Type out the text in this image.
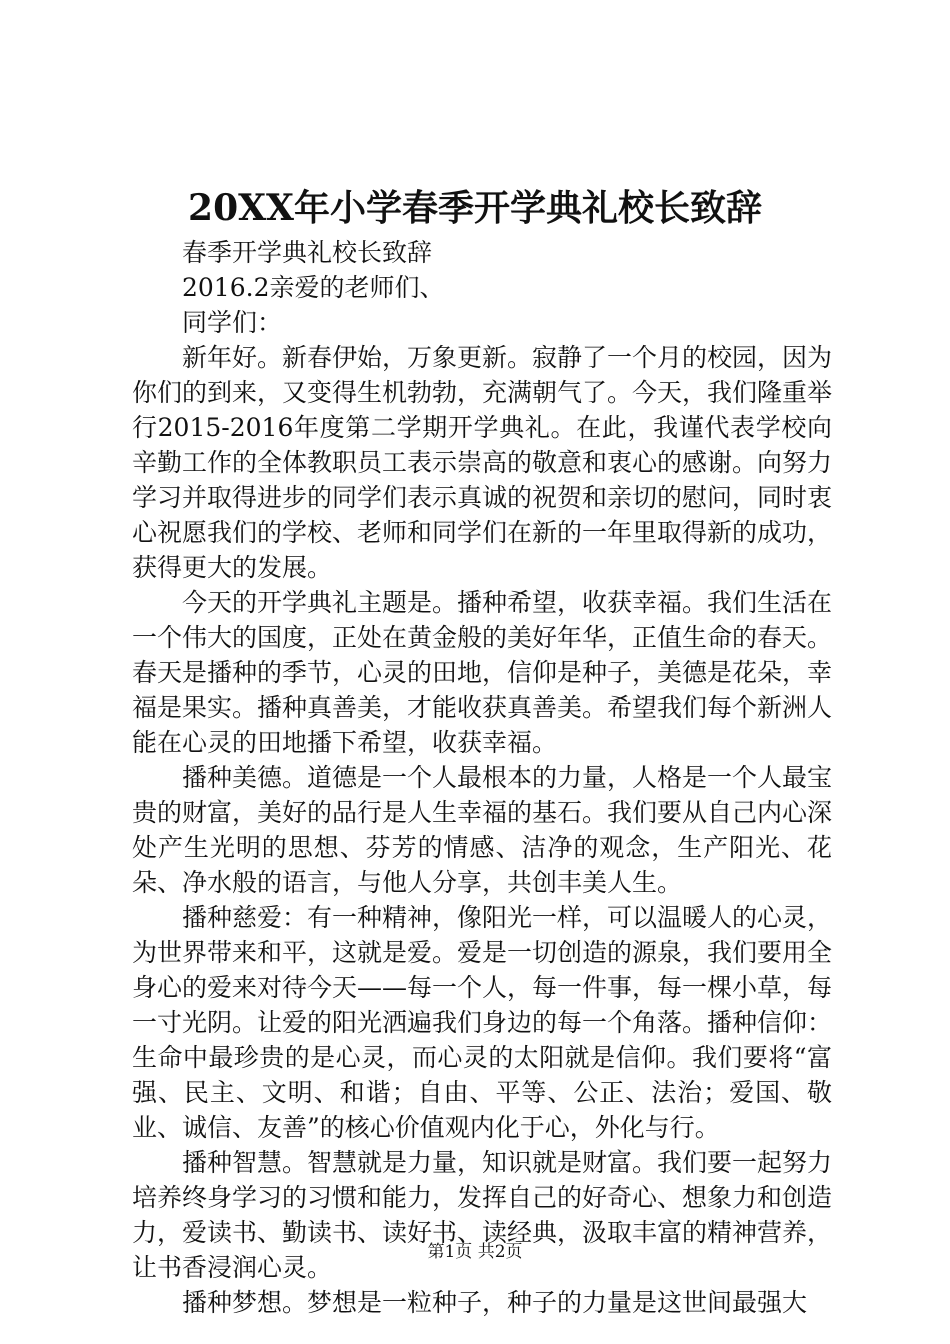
20XX年小学春季开学典礼校长致辞

春季开学典礼校长致辞

2016.2亲爱的老师们、

同学们：

新年好。新春伊始，万象更新。寂静了一个月的校园，因为你们的到来，又变得生机勃勃，充满朝气了。今天，我们隆重举行2015-2016年度第二学期开学典礼。在此，我谨代表学校向辛勤工作的全体教职员工表示崇高的敬意和衷心的感谢。向努力学习并取得进步的同学们表示真诚的祝贺和亲切的慰问，同时衷心祝愿我们的学校、老师和同学们在新的一年里取得新的成功，获得更大的发展。

今天的开学典礼主题是。播种希望，收获幸福。我们生活在一个伟大的国度，正处在黄金般的美好年华，正值生命的春天。春天是播种的季节，心灵的田地，信仰是种子，美德是花朵，幸福是果实。播种真善美，才能收获真善美。希望我们每个新洲人能在心灵的田地播下希望，收获幸福。

播种美德。道德是一个人最根本的力量，人格是一个人最宝贵的财富，美好的品行是人生幸福的基石。我们要从自己内心深处产生光明的思想、芬芳的情感、洁净的观念，生产阳光、花朵、净水般的语言，与他人分享，共创丰美人生。

播种慈爱：有一种精神，像阳光一样，可以温暖人的心灵，为世界带来和平，这就是爱。爱是一切创造的源泉，我们要用全身心的爱来对待今天——每一个人，每一件事，每一棵小草，每一寸光阴。让爱的阳光洒遍我们身边的每一个角落。播种信仰：生命中最珍贵的是心灵，而心灵的太阳就是信仰。我们要将“富强、民主、文明、和谐；自由、平等、公正、法治；爱国、敬业、诚信、友善”的核心价值观内化于心，外化与行。

播种智慧。智慧就是力量，知识就是财富。我们要一起努力培养终身学习的习惯和能力，发挥自己的好奇心、想象力和创造力，爱读书、勤读书、读好书、读经典，汲取丰富的精神营养，让书香浸润心灵。

播种梦想。梦想是一粒种子，种子的力量是这世间最强大

第1页 共2页
